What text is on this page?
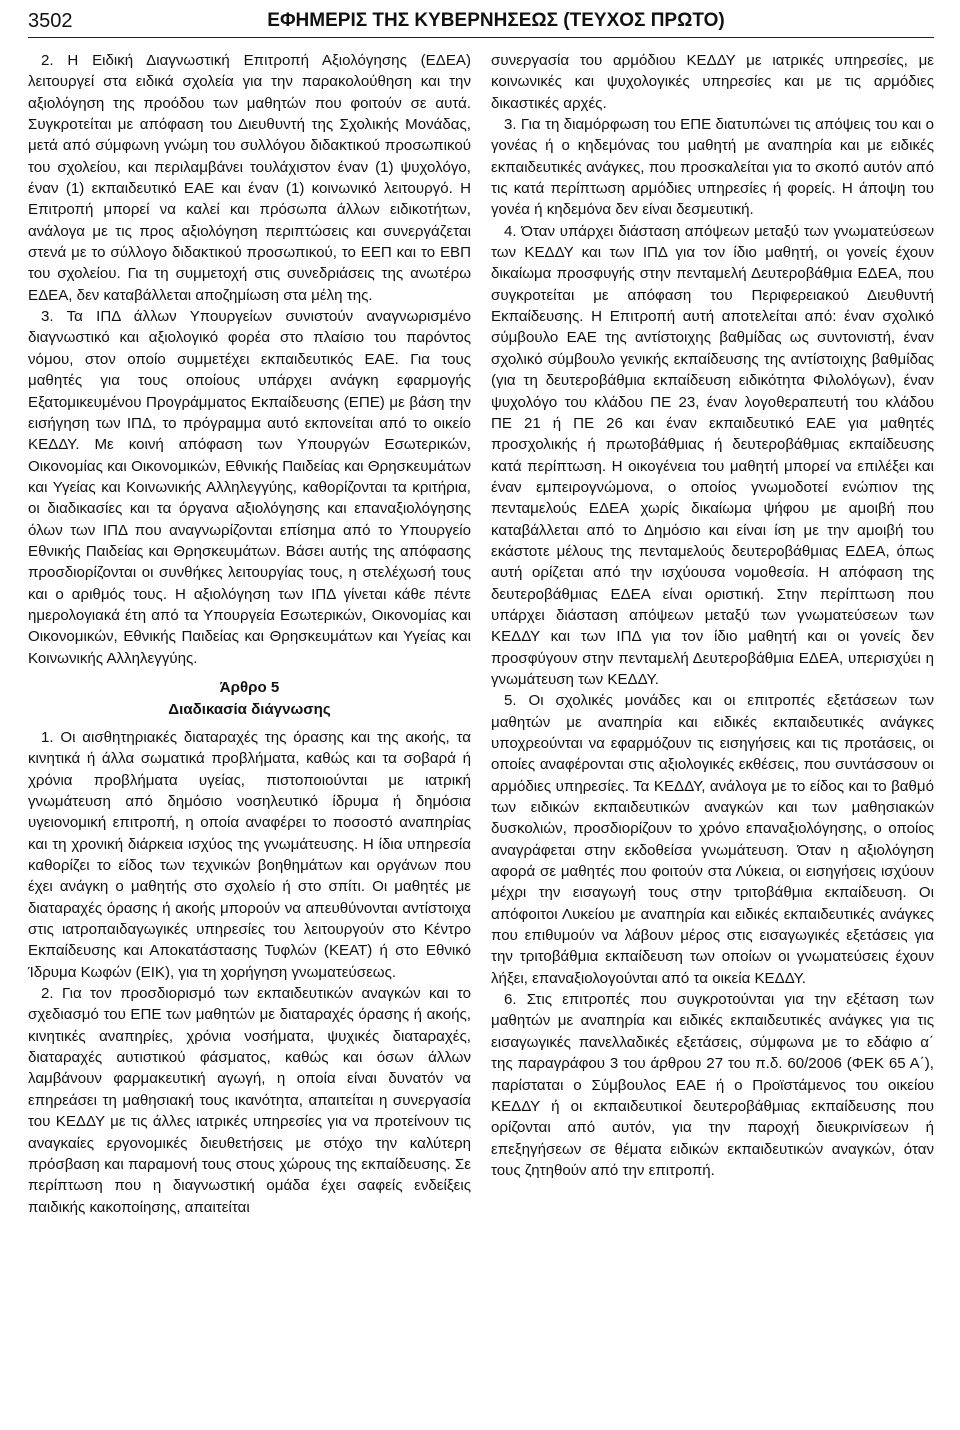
3502	ΕΦΗΜΕΡΙΣ ΤΗΣ ΚΥΒΕΡΝΗΣΕΩΣ (ΤΕΥΧΟΣ ΠΡΩΤΟ)

2. Η Ειδική Διαγνωστική Επιτροπή Αξιολόγησης (ΕΔΕΑ) λειτουργεί στα ειδικά σχολεία για την παρακολούθηση και την αξιολόγηση της προόδου των μαθητών που φοιτούν σε αυτά. Συγκροτείται με απόφαση του Διευθυντή της Σχολικής Μονάδας, μετά από σύμφωνη γνώμη του συλλόγου διδακτικού προσωπικού του σχολείου, και περιλαμβάνει τουλάχιστον έναν (1) ψυχολόγο, έναν (1) εκπαιδευτικό ΕΑΕ και έναν (1) κοινωνικό λειτουργό. Η Επιτροπή μπορεί να καλεί και πρόσωπα άλλων ειδικοτήτων, ανάλογα με τις προς αξιολόγηση περιπτώσεις και συνεργάζεται στενά με το σύλλογο διδακτικού προσωπικού, το ΕΕΠ και το ΕΒΠ του σχολείου. Για τη συμμετοχή στις συνεδριάσεις της ανωτέρω ΕΔΕΑ, δεν καταβάλλεται αποζημίωση στα μέλη της.

3. Τα ΙΠΔ άλλων Υπουργείων συνιστούν αναγνωρισμένο διαγνωστικό και αξιολογικό φορέα στο πλαίσιο του παρόντος νόμου, στον οποίο συμμετέχει εκπαιδευτικός ΕΑΕ. Για τους μαθητές για τους οποίους υπάρχει ανάγκη εφαρμογής Εξατομικευμένου Προγράμματος Εκπαίδευσης (ΕΠΕ) με βάση την εισήγηση των ΙΠΔ, το πρόγραμμα αυτό εκπονείται από το οικείο ΚΕΔΔΥ. Με κοινή απόφαση των Υπουργών Εσωτερικών, Οικονομίας και Οικονομικών, Εθνικής Παιδείας και Θρησκευμάτων και Υγείας και Κοινωνικής Αλληλεγγύης, καθορίζονται τα κριτήρια, οι διαδικασίες και τα όργανα αξιολόγησης και επαναξιολόγησης όλων των ΙΠΔ που αναγνωρίζονται επίσημα από το Υπουργείο Εθνικής Παιδείας και Θρησκευμάτων. Βάσει αυτής της απόφασης προσδιορίζονται οι συνθήκες λειτουργίας τους, η στελέχωσή τους και ο αριθμός τους. Η αξιολόγηση των ΙΠΔ γίνεται κάθε πέντε ημερολογιακά έτη από τα Υπουργεία Εσωτερικών, Οικονομίας και Οικονομικών, Εθνικής Παιδείας και Θρησκευμάτων και Υγείας και Κοινωνικής Αλληλεγγύης.

Άρθρο 5
Διαδικασία διάγνωσης

1. Οι αισθητηριακές διαταραχές της όρασης και της ακοής, τα κινητικά ή άλλα σωματικά προβλήματα, καθώς και τα σοβαρά ή χρόνια προβλήματα υγείας, πιστοποιούνται με ιατρική γνωμάτευση από δημόσιο νοσηλευτικό ίδρυμα ή δημόσια υγειονομική επιτροπή, η οποία αναφέρει το ποσοστό αναπηρίας και τη χρονική διάρκεια ισχύος της γνωμάτευσης. Η ίδια υπηρεσία καθορίζει το είδος των τεχνικών βοηθημάτων και οργάνων που έχει ανάγκη ο μαθητής στο σχολείο ή στο σπίτι. Οι μαθητές με διαταραχές όρασης ή ακοής μπορούν να απευθύνονται αντίστοιχα στις ιατροπαιδαγωγικές υπηρεσίες του λειτουργούν στο Κέντρο Εκπαίδευσης και Αποκατάστασης Τυφλών (ΚΕΑΤ) ή στο Εθνικό Ίδρυμα Κωφών (ΕΙΚ), για τη χορήγηση γνωματεύσεως.

2. Για τον προσδιορισμό των εκπαιδευτικών αναγκών και το σχεδιασμό του ΕΠΕ των μαθητών με διαταραχές όρασης ή ακοής, κινητικές αναπηρίες, χρόνια νοσήματα, ψυχικές διαταραχές, διαταραχές αυτιστικού φάσματος, καθώς και όσων άλλων λαμβάνουν φαρμακευτική αγωγή, η οποία είναι δυνατόν να επηρεάσει τη μαθησιακή τους ικανότητα, απαιτείται η συνεργασία του ΚΕΔΔΥ με τις άλλες ιατρικές υπηρεσίες για να προτείνουν τις αναγκαίες εργονομικές διευθετήσεις με στόχο την καλύτερη πρόσβαση και παραμονή τους στους χώρους της εκπαίδευσης. Σε περίπτωση που η διαγνωστική ομάδα έχει σαφείς ενδείξεις παιδικής κακοποίησης, απαιτείται

συνεργασία του αρμόδιου ΚΕΔΔΥ με ιατρικές υπηρεσίες, με κοινωνικές και ψυχολογικές υπηρεσίες και με τις αρμόδιες δικαστικές αρχές.

3. Για τη διαμόρφωση του ΕΠΕ διατυπώνει τις απόψεις του και ο γονέας ή ο κηδεμόνας του μαθητή με αναπηρία και με ειδικές εκπαιδευτικές ανάγκες, που προσκαλείται για το σκοπό αυτόν από τις κατά περίπτωση αρμόδιες υπηρεσίες ή φορείς. Η άποψη του γονέα ή κηδεμόνα δεν είναι δεσμευτική.

4. Όταν υπάρχει διάσταση απόψεων μεταξύ των γνωματεύσεων των ΚΕΔΔΥ και των ΙΠΔ για τον ίδιο μαθητή, οι γονείς έχουν δικαίωμα προσφυγής στην πενταμελή Δευτεροβάθμια ΕΔΕΑ, που συγκροτείται με απόφαση του Περιφερειακού Διευθυντή Εκπαίδευσης. Η Επιτροπή αυτή αποτελείται από: έναν σχολικό σύμβουλο ΕΑΕ της αντίστοιχης βαθμίδας ως συντονιστή, έναν σχολικό σύμβουλο γενικής εκπαίδευσης της αντίστοιχης βαθμίδας (για τη δευτεροβάθμια εκπαίδευση ειδικότητα Φιλολόγων), έναν ψυχολόγο του κλάδου ΠΕ 23, έναν λογοθεραπευτή του κλάδου ΠΕ 21 ή ΠΕ 26 και έναν εκπαιδευτικό ΕΑΕ για μαθητές προσχολικής ή πρωτοβάθμιας ή δευτεροβάθμιας εκπαίδευσης κατά περίπτωση. Η οικογένεια του μαθητή μπορεί να επιλέξει και έναν εμπειρογνώμονα, ο οποίος γνωμοδοτεί ενώπιον της πενταμελούς ΕΔΕΑ χωρίς δικαίωμα ψήφου με αμοιβή που καταβάλλεται από το Δημόσιο και είναι ίση με την αμοιβή του εκάστοτε μέλους της πενταμελούς δευτεροβάθμιας ΕΔΕΑ, όπως αυτή ορίζεται από την ισχύουσα νομοθεσία. Η απόφαση της δευτεροβάθμιας ΕΔΕΑ είναι οριστική. Στην περίπτωση που υπάρχει διάσταση απόψεων μεταξύ των γνωματεύσεων των ΚΕΔΔΥ και των ΙΠΔ για τον ίδιο μαθητή και οι γονείς δεν προσφύγουν στην πενταμελή Δευτεροβάθμια ΕΔΕΑ, υπερισχύει η γνωμάτευση των ΚΕΔΔΥ.

5. Οι σχολικές μονάδες και οι επιτροπές εξετάσεων των μαθητών με αναπηρία και ειδικές εκπαιδευτικές ανάγκες υποχρεούνται να εφαρμόζουν τις εισηγήσεις και τις προτάσεις, οι οποίες αναφέρονται στις αξιολογικές εκθέσεις, που συντάσσουν οι αρμόδιες υπηρεσίες. Τα ΚΕΔΔΥ, ανάλογα με το είδος και το βαθμό των ειδικών εκπαιδευτικών αναγκών και των μαθησιακών δυσκολιών, προσδιορίζουν το χρόνο επαναξιολόγησης, ο οποίος αναγράφεται στην εκδοθείσα γνωμάτευση. Όταν η αξιολόγηση αφορά σε μαθητές που φοιτούν στα Λύκεια, οι εισηγήσεις ισχύουν μέχρι την εισαγωγή τους στην τριτοβάθμια εκπαίδευση. Οι απόφοιτοι Λυκείου με αναπηρία και ειδικές εκπαιδευτικές ανάγκες που επιθυμούν να λάβουν μέρος στις εισαγωγικές εξετάσεις για την τριτοβάθμια εκπαίδευση των οποίων οι γνωματεύσεις έχουν λήξει, επαναξιολογούνται από τα οικεία ΚΕΔΔΥ.

6. Στις επιτροπές που συγκροτούνται για την εξέταση των μαθητών με αναπηρία και ειδικές εκπαιδευτικές ανάγκες για τις εισαγωγικές πανελλαδικές εξετάσεις, σύμφωνα με το εδάφιο α΄ της παραγράφου 3 του άρθρου 27 του π.δ. 60/2006 (ΦΕΚ 65 Α΄), παρίσταται ο Σύμβουλος ΕΑΕ ή ο Προϊστάμενος του οικείου ΚΕΔΔΥ ή οι εκπαιδευτικοί δευτεροβάθμιας εκπαίδευσης που ορίζονται από αυτόν, για την παροχή διευκρινίσεων ή επεξηγήσεων σε θέματα ειδικών εκπαιδευτικών αναγκών, όταν τους ζητηθούν από την επιτροπή.
